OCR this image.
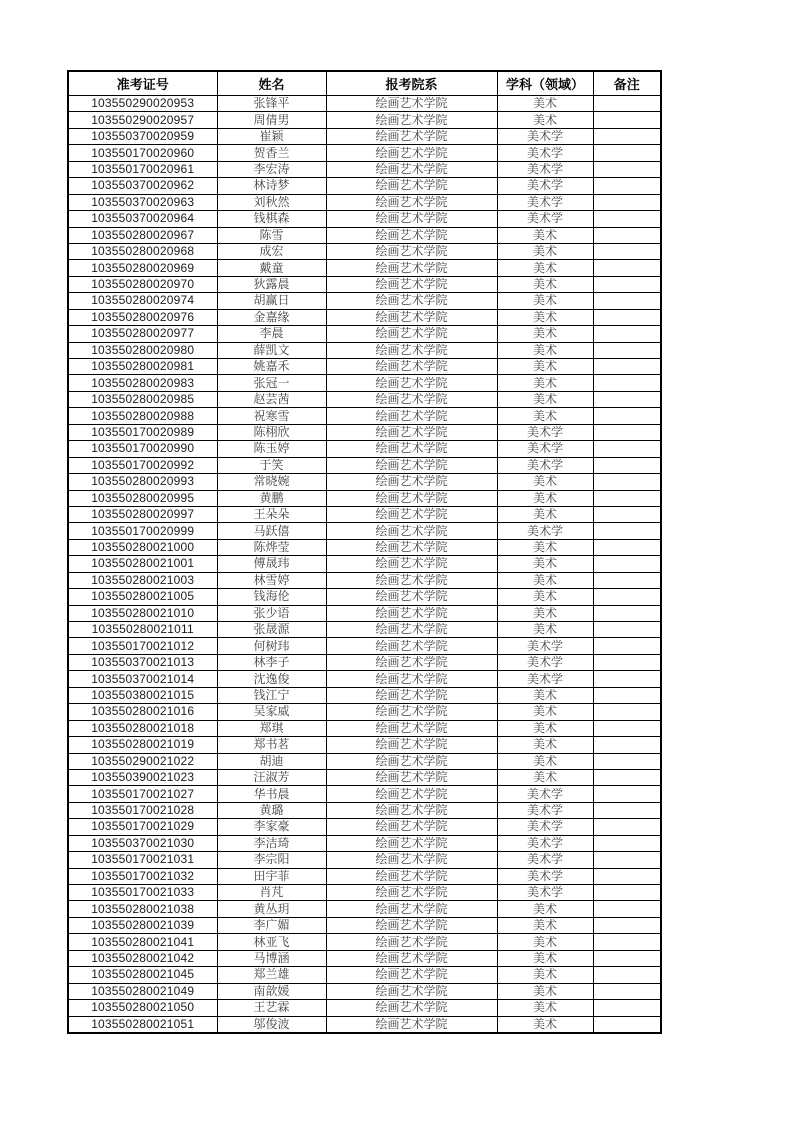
准考证号	姓名	报考院系	学科（领域）	备注
103550290020953	张锋平	绘画艺术学院	美术	
103550290020957	周倩男	绘画艺术学院	美术	
103550370020959	崔颖	绘画艺术学院	美术学	
103550170020960	贺香兰	绘画艺术学院	美术学	
103550170020961	李宏涛	绘画艺术学院	美术学	
103550370020962	林诗梦	绘画艺术学院	美术学	
103550370020963	刘秋然	绘画艺术学院	美术学	
103550370020964	钱棋森	绘画艺术学院	美术学	
103550280020967	陈雪	绘画艺术学院	美术	
103550280020968	成宏	绘画艺术学院	美术	
103550280020969	戴童	绘画艺术学院	美术	
103550280020970	狄露晨	绘画艺术学院	美术	
103550280020974	胡赢日	绘画艺术学院	美术	
103550280020976	金嘉缘	绘画艺术学院	美术	
103550280020977	李晨	绘画艺术学院	美术	
103550280020980	薛凯文	绘画艺术学院	美术	
103550280020981	姚嘉禾	绘画艺术学院	美术	
103550280020983	张冠一	绘画艺术学院	美术	
103550280020985	赵芸茜	绘画艺术学院	美术	
103550280020988	祝寒雪	绘画艺术学院	美术	
103550170020989	陈栩欣	绘画艺术学院	美术学	
103550170020990	陈玉婷	绘画艺术学院	美术学	
103550170020992	于笑	绘画艺术学院	美术学	
103550280020993	常晓婉	绘画艺术学院	美术	
103550280020995	黄鹏	绘画艺术学院	美术	
103550280020997	王朵朵	绘画艺术学院	美术	
103550170020999	马跃僖	绘画艺术学院	美术学	
103550280021000	陈烨莹	绘画艺术学院	美术	
103550280021001	傅晟玮	绘画艺术学院	美术	
103550280021003	林雪婷	绘画艺术学院	美术	
103550280021005	钱海伦	绘画艺术学院	美术	
103550280021010	张少语	绘画艺术学院	美术	
103550280021011	张晟源	绘画艺术学院	美术	
103550170021012	何树玮	绘画艺术学院	美术学	
103550370021013	林李子	绘画艺术学院	美术学	
103550370021014	沈逸俊	绘画艺术学院	美术学	
103550380021015	钱江宁	绘画艺术学院	美术	
103550280021016	吴家威	绘画艺术学院	美术	
103550280021018	郑琪	绘画艺术学院	美术	
103550280021019	郑书茗	绘画艺术学院	美术	
103550290021022	胡迪	绘画艺术学院	美术	
103550390021023	汪淑芳	绘画艺术学院	美术	
103550170021027	华书晨	绘画艺术学院	美术学	
103550170021028	黄璐	绘画艺术学院	美术学	
103550170021029	李家豪	绘画艺术学院	美术学	
103550370021030	李洁琦	绘画艺术学院	美术学	
103550170021031	李宗阳	绘画艺术学院	美术学	
103550170021032	田宇菲	绘画艺术学院	美术学	
103550170021033	肖芃	绘画艺术学院	美术学	
103550280021038	黄丛玥	绘画艺术学院	美术	
103550280021039	李广媚	绘画艺术学院	美术	
103550280021041	林亚飞	绘画艺术学院	美术	
103550280021042	马博涵	绘画艺术学院	美术	
103550280021045	郑兰雄	绘画艺术学院	美术	
103550280021049	南歆媛	绘画艺术学院	美术	
103550280021050	王艺霖	绘画艺术学院	美术	
103550280021051	邬俊波	绘画艺术学院	美术	
